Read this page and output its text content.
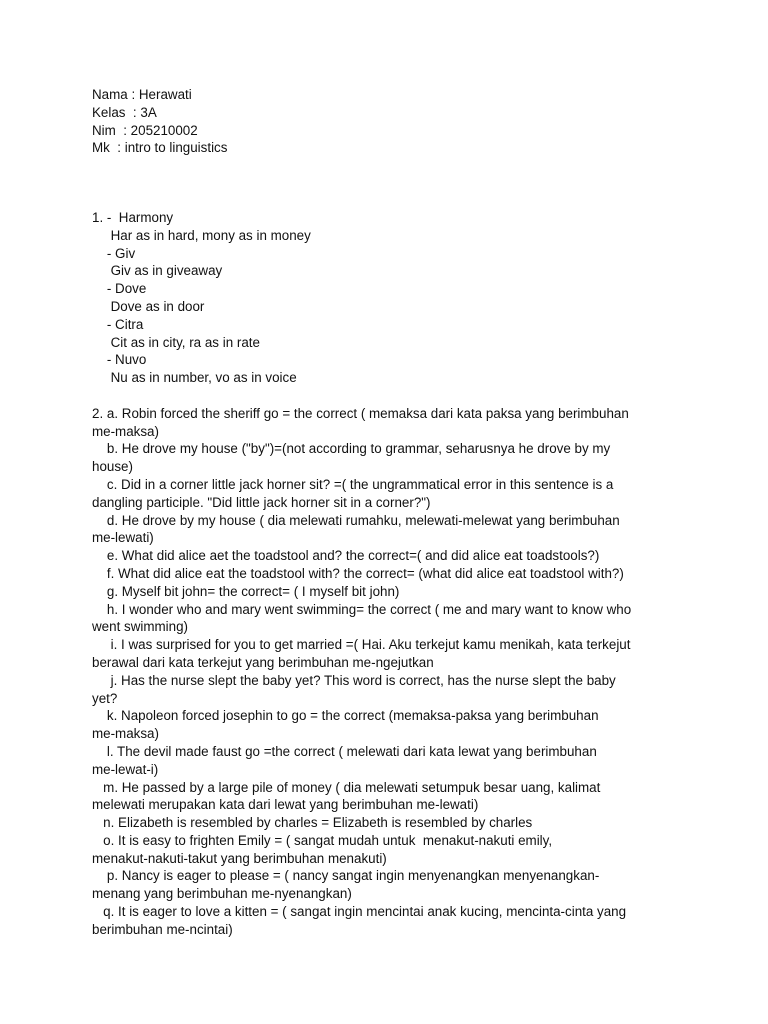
Nama : Herawati

Kelas  : 3A

Nim  : 205210002

Mk  : intro to linguistics

1. -  Harmony

Har as in hard, mony as in money

- Giv

Giv as in giveaway

- Dove

Dove as in door

- Citra

Cit as in city, ra as in rate

- Nuvo

Nu as in number, vo as in voice

2. a. Robin forced the sheriff go = the correct ( memaksa dari kata paksa yang berimbuhan

me-maksa)

b. He drove my house ("by")=(not according to grammar, seharusnya he drove by my

house)

c. Did in a corner little jack horner sit? =( the ungrammatical error in this sentence is a

dangling participle. "Did little jack horner sit in a corner?")

d. He drove by my house ( dia melewati rumahku, melewati-melewat yang berimbuhan

me-lewati)

e. What did alice aet the toadstool and? the correct=( and did alice eat toadstools?)

f. What did alice eat the toadstool with? the correct= (what did alice eat toadstool with?)

g. Myself bit john= the correct= ( I myself bit john)

h. I wonder who and mary went swimming= the correct ( me and mary want to know who

went swimming)

i. I was surprised for you to get married =( Hai. Aku terkejut kamu menikah, kata terkejut

berawal dari kata terkejut yang berimbuhan me-ngejutkan

j. Has the nurse slept the baby yet? This word is correct, has the nurse slept the baby

yet?

k. Napoleon forced josephin to go = the correct (memaksa-paksa yang berimbuhan

me-maksa)

l. The devil made faust go =the correct ( melewati dari kata lewat yang berimbuhan

me-lewat-i)

m. He passed by a large pile of money ( dia melewati setumpuk besar uang, kalimat

melewati merupakan kata dari lewat yang berimbuhan me-lewati)

n. Elizabeth is resembled by charles = Elizabeth is resembled by charles

o. It is easy to frighten Emily = ( sangat mudah untuk  menakut-nakuti emily,

menakut-nakuti-takut yang berimbuhan menakuti)

p. Nancy is eager to please = ( nancy sangat ingin menyenangkan menyenangkan-

menang yang berimbuhan me-nyenangkan)

q. It is eager to love a kitten = ( sangat ingin mencintai anak kucing, mencinta-cinta yang

berimbuhan me-ncintai)
